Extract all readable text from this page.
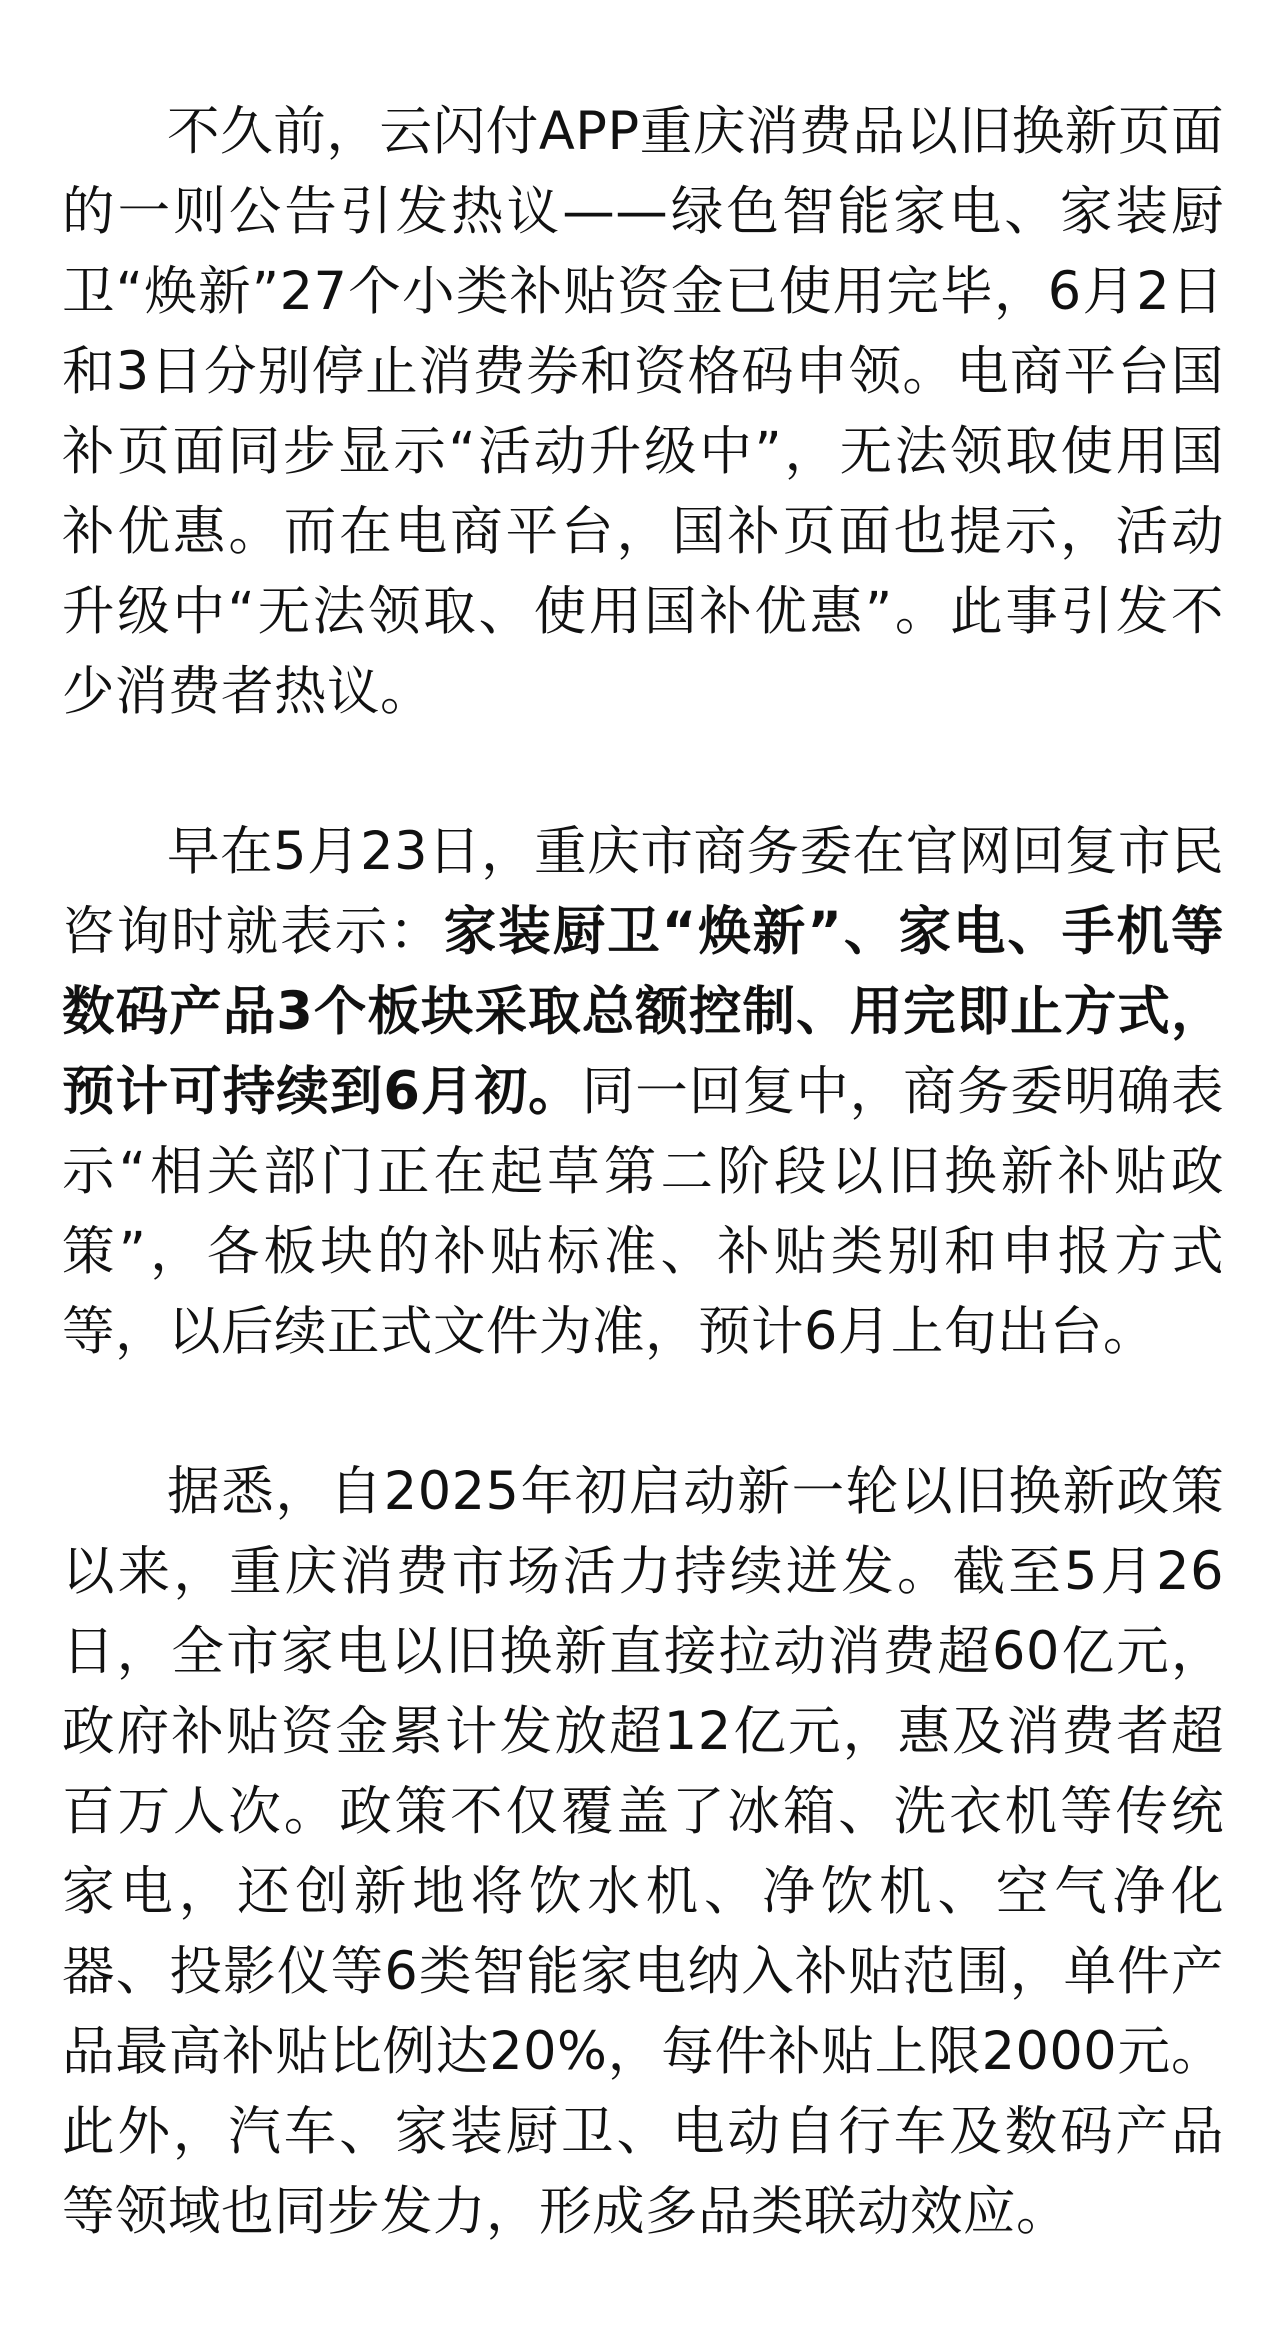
不久前，云闪付APP重庆消费品以旧换新页面的一则公告引发热议——绿色智能家电、家装厨卫“焕新”27个小类补贴资金已使用完毕，6月2日和3日分别停止消费券和资格码申领。电商平台国补页面同步显示“活动升级中”，无法领取使用国补优惠。而在电商平台，国补页面也提示，活动升级中“无法领取、使用国补优惠”。此事引发不少消费者热议。

早在5月23日，重庆市商务委在官网回复市民咨询时就表示：家装厨卫“焕新”、家电、手机等数码产品3个板块采取总额控制、用完即止方式，预计可持续到6月初。同一回复中，商务委明确表示“相关部门正在起草第二阶段以旧换新补贴政策”，各板块的补贴标准、补贴类别和申报方式等，以后续正式文件为准，预计6月上旬出台。

据悉，自2025年初启动新一轮以旧换新政策以来，重庆消费市场活力持续迸发。截至5月26日，全市家电以旧换新直接拉动消费超60亿元，政府补贴资金累计发放超12亿元，惠及消费者超百万人次。政策不仅覆盖了冰箱、洗衣机等传统家电，还创新地将饮水机、净饮机、空气净化器、投影仪等6类智能家电纳入补贴范围，单件产品最高补贴比例达20%，每件补贴上限2000元。此外，汽车、家装厨卫、电动自行车及数码产品等领域也同步发力，形成多品类联动效应。
